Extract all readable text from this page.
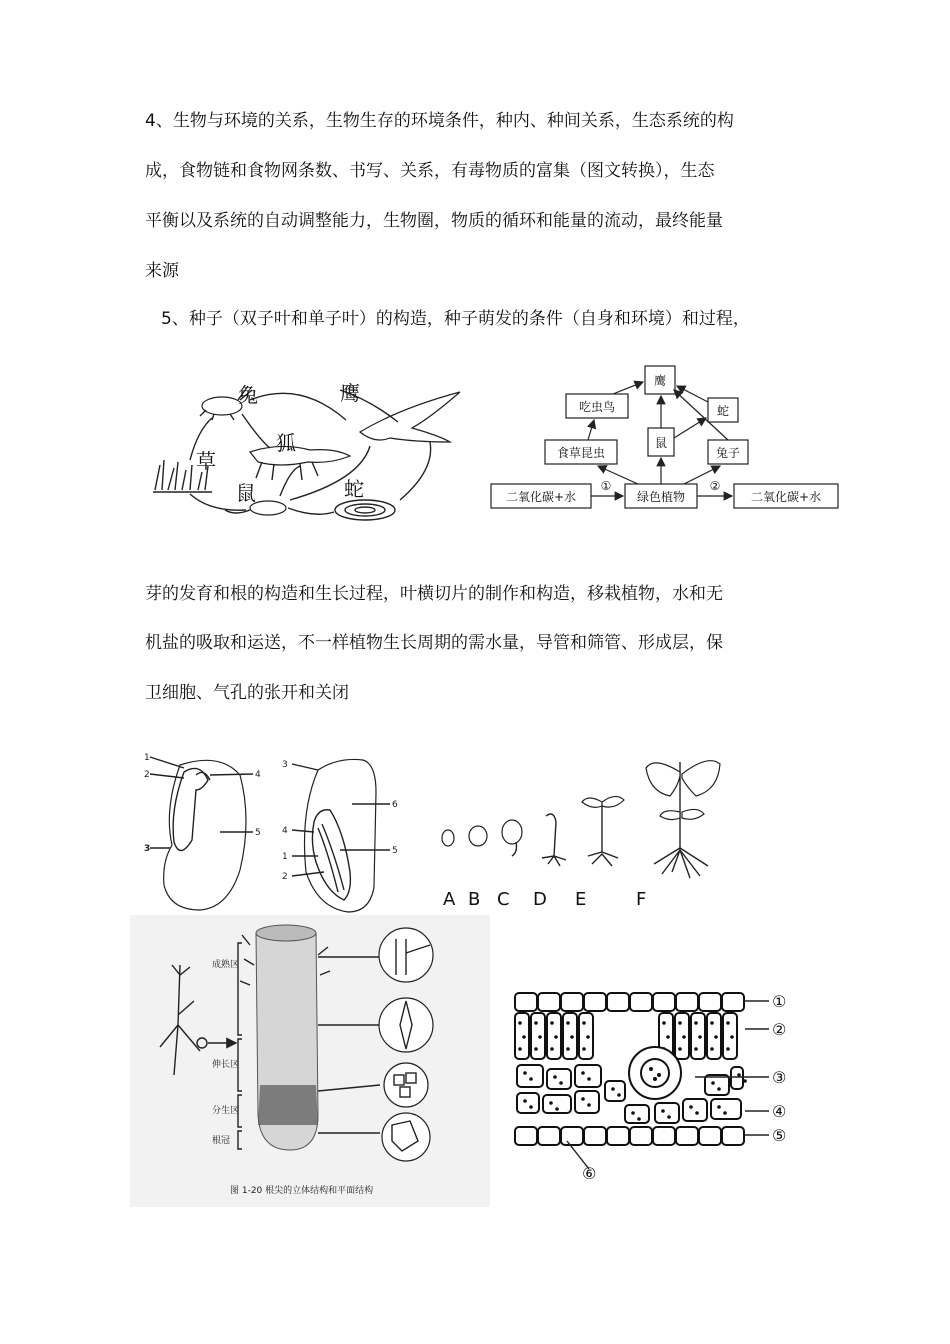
4、生物与环境的关系，生物生存的环境条件，种内、种间关系，生态系统的构
成，食物链和食物网条数、书写、关系，有毒物质的富集（图文转换），生态
平衡以及系统的自动调整能力，生物圈，物质的循环和能量的流动，最终能量
来源
5、种子（双子叶和单子叶）的构造，种子萌发的条件（自身和环境）和过程，
芽的发育和根的构造和生长过程，叶横切片的制作和构造，移栽植物，水和无
机盐的吸取和运送，不一样植物生长周期的需水量，导管和筛管、形成层，保
卫细胞、气孔的张开和关闭
兔	鹰
狐
草
鼠	蛇
鹰
吃虫鸟	蛇
食草昆虫
鼠
兔子
二氧化碳+水	绿色植物	二氧化碳+水
①	②
1
2
3
4
5
3
6
4
5
1
2
A B C D E	F
成熟区
伸长区
分生区
根冠
图 1-20 根尖的立体结构和平面结构
①
②
③
④
⑤
⑥
